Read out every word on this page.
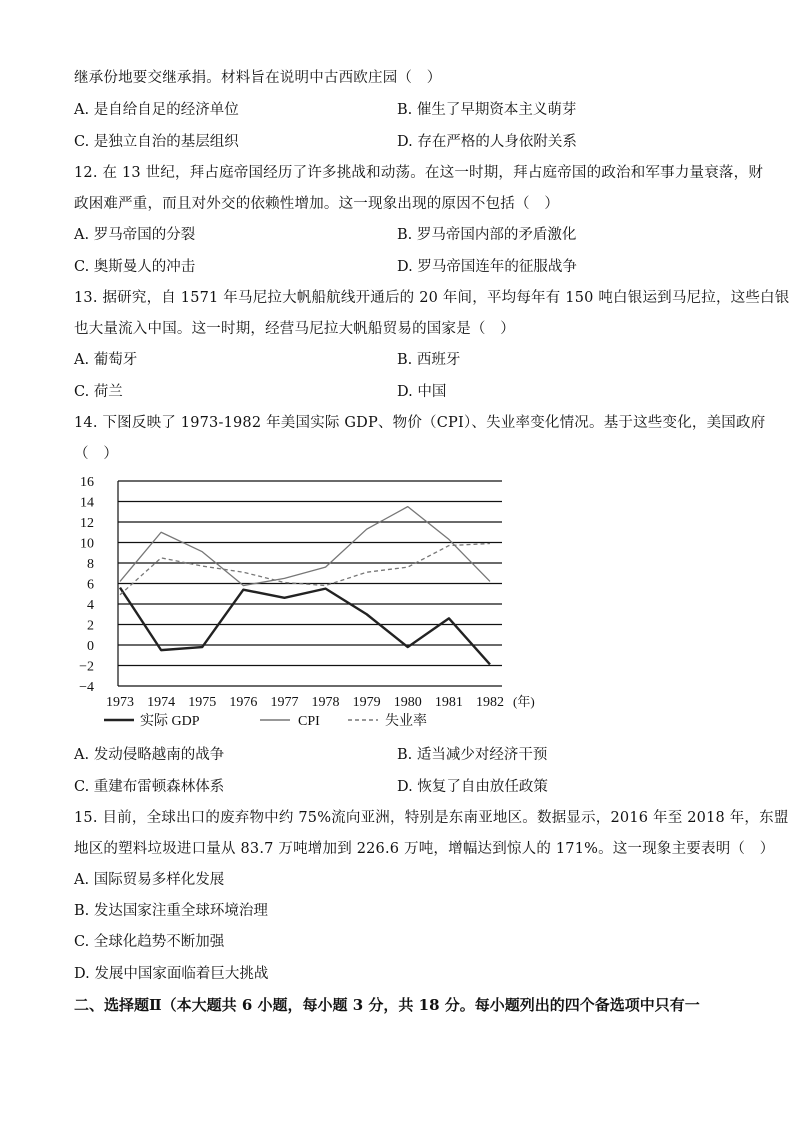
继承份地要交继承捐。材料旨在说明中古西欧庄园（　）
A. 是自给自足的经济单位	B. 催生了早期资本主义萌芽
C. 是独立自治的基层组织	D. 存在严格的人身依附关系
12. 在 13 世纪，拜占庭帝国经历了许多挑战和动荡。在这一时期，拜占庭帝国的政治和军事力量衰落，财
政困难严重，而且对外交的依赖性增加。这一现象出现的原因不包括（　）
A. 罗马帝国的分裂	B. 罗马帝国内部的矛盾激化
C. 奥斯曼人的冲击	D. 罗马帝国连年的征服战争
13. 据研究，自 1571 年马尼拉大帆船航线开通后的 20 年间，平均每年有 150 吨白银运到马尼拉，这些白银
也大量流入中国。这一时期，经营马尼拉大帆船贸易的国家是（　）
A. 葡萄牙	B. 西班牙
C. 荷兰	D. 中国
14. 下图反映了 1973-1982 年美国实际 GDP、物价（CPI）、失业率变化情况。基于这些变化，美国政府
（　）
16
14
12
10
8
6
4
2
0
−2
−4
1973 1974 1975 1976 1977 1978 1979 1980 1981 1982 (年)
实际 GDP	CPI	失业率
A. 发动侵略越南的战争	B. 适当减少对经济干预
C. 重建布雷顿森林体系	D. 恢复了自由放任政策
15. 目前，全球出口的废弃物中约 75%流向亚洲，特别是东南亚地区。数据显示，2016 年至 2018 年，东盟
地区的塑料垃圾进口量从 83.7 万吨增加到 226.6 万吨，增幅达到惊人的 171%。这一现象主要表明（　）
A. 国际贸易多样化发展
B. 发达国家注重全球环境治理
C. 全球化趋势不断加强
D. 发展中国家面临着巨大挑战
二、选择题Ⅱ（本大题共 6 小题，每小题 3 分，共 18 分。每小题列出的四个备选项中只有一
